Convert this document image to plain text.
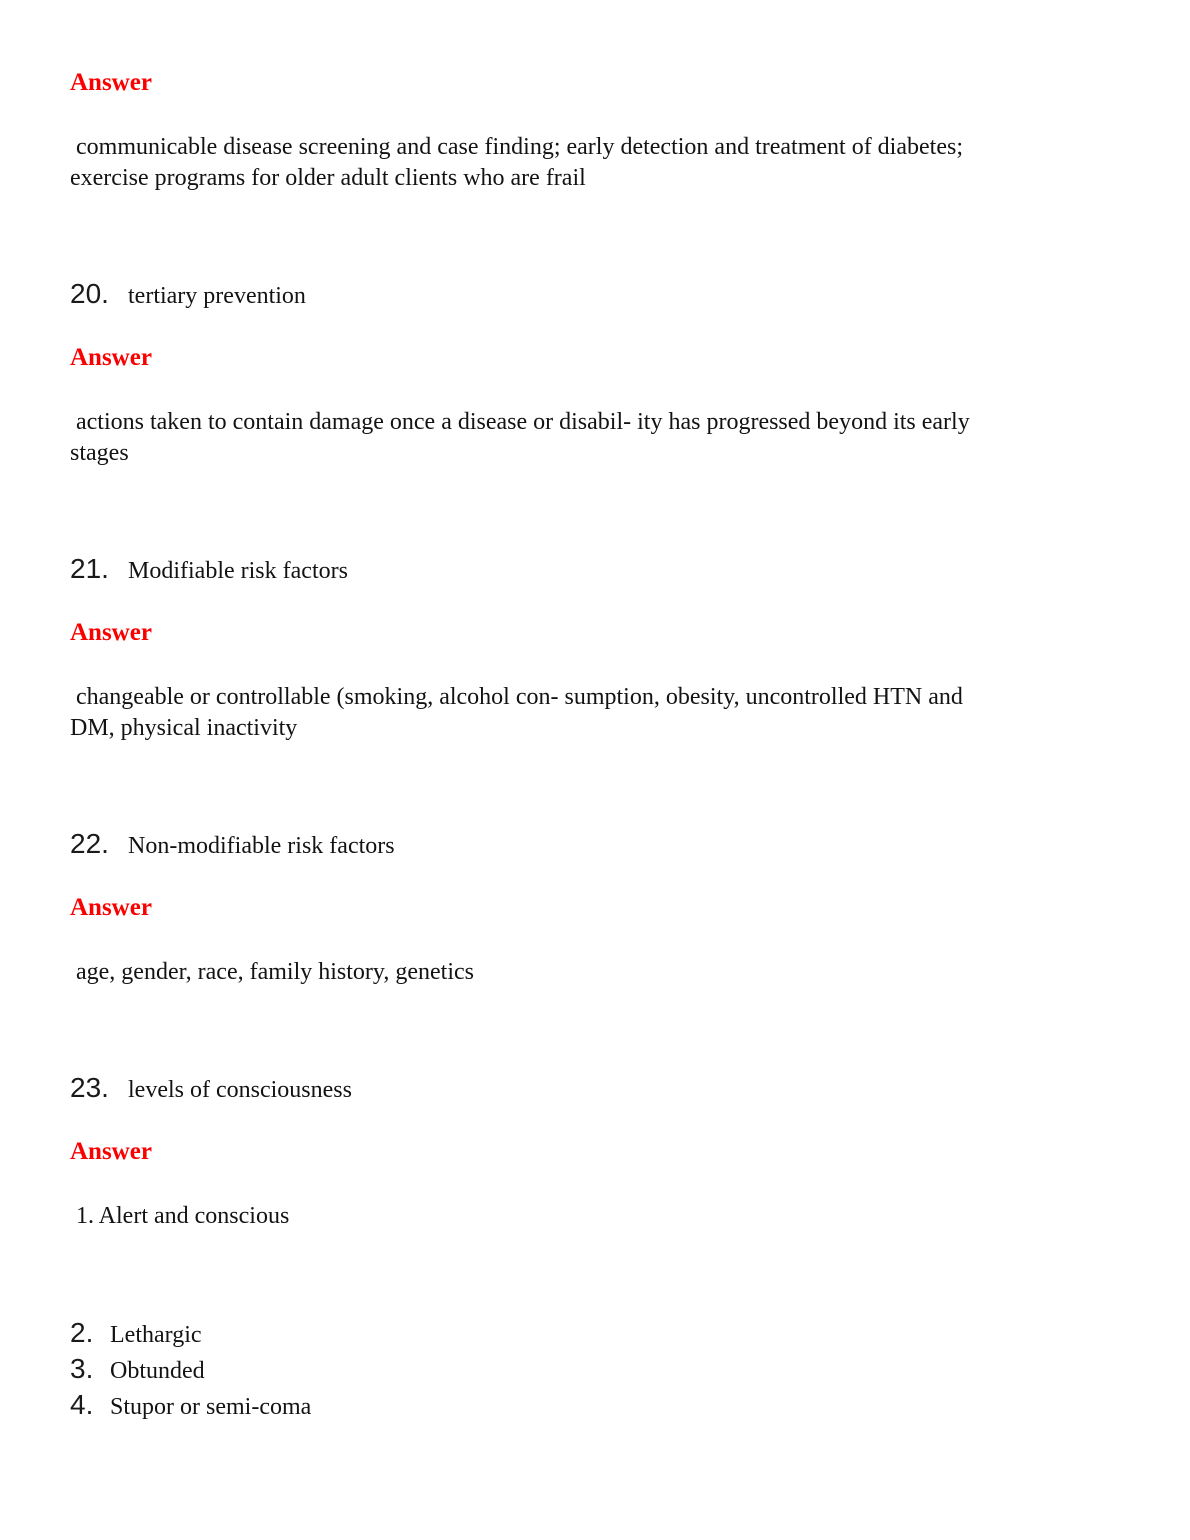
Answer
communicable disease screening and case finding; early detection and treatment of diabetes;
exercise programs for older adult clients who are frail
20. tertiary prevention
Answer
actions taken to contain damage once a disease or disabil- ity has progressed beyond its early
stages
21. Modifiable risk factors
Answer
changeable or controllable (smoking, alcohol con- sumption, obesity, uncontrolled HTN and
DM, physical inactivity
22. Non-modifiable risk factors
Answer
age, gender, race, family history, genetics
23. levels of consciousness
Answer
1. Alert and conscious
2. Lethargic
3. Obtunded
4. Stupor or semi-coma
